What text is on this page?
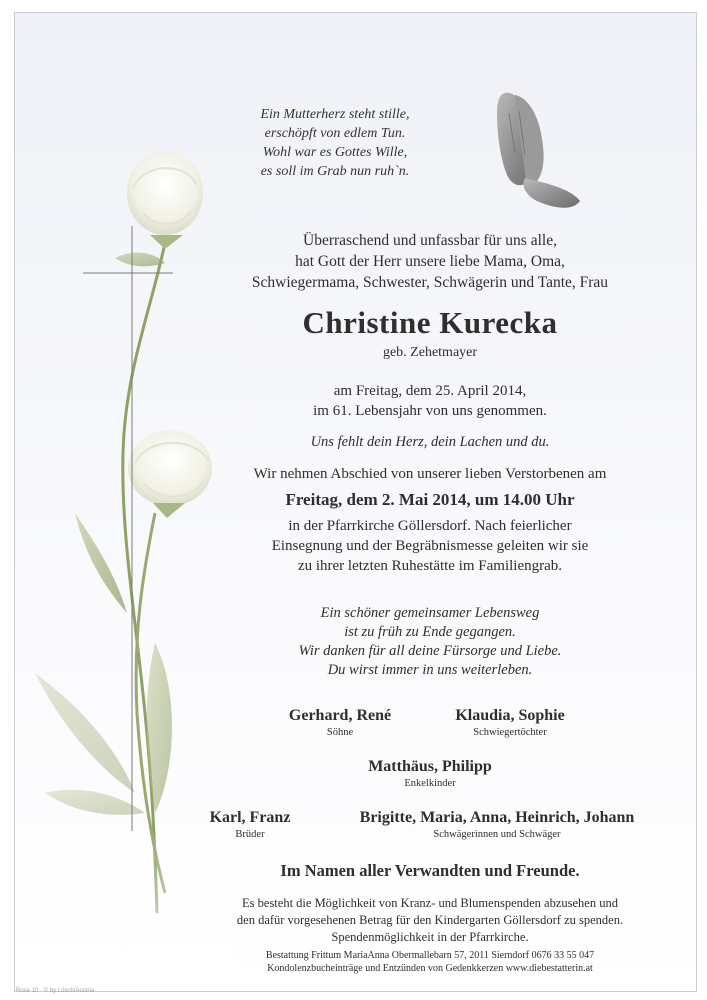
Ein Mutterherz steht stille,
erschöpft von edlem Tun.
Wohl war es Gottes Wille,
es soll im Grab nun ruh`n.
Überraschend und unfassbar für uns alle,
hat Gott der Herr unsere liebe Mama, Oma,
Schwiegermama, Schwester, Schwägerin und Tante, Frau
Christine Kurecka
geb. Zehetmayer
am Freitag, dem 25. April 2014,
im 61. Lebensjahr von uns genommen.
Uns fehlt dein Herz, dein Lachen und du.
Wir nehmen Abschied von unserer lieben Verstorbenen am
Freitag, dem 2. Mai 2014, um 14.00 Uhr
in der Pfarrkirche Göllersdorf. Nach feierlicher
Einsegnung und der Begräbnismesse geleiten wir sie
zu ihrer letzten Ruhestätte im Familiengrab.
Ein schöner gemeinsamer Lebensweg
ist zu früh zu Ende gegangen.
Wir danken für all deine Fürsorge und Liebe.
Du wirst immer in uns weiterleben.
Gerhard, René
Söhne
Klaudia, Sophie
Schwiegertöchter
Matthäus, Philipp
Enkelkinder
Karl, Franz
Brüder
Brigitte, Maria, Anna, Heinrich, Johann
Schwägerinnen und Schwäger
Im Namen aller Verwandten und Freunde.
Es besteht die Möglichkeit von Kranz- und Blumenspenden abzusehen und
den dafür vorgesehenen Betrag für den Kindergarten Göllersdorf zu spenden.
Spendenmöglichkeit in der Pfarrkirche.
Bestattung Frittum MariaAnna Obermallebarn 57, 2011 Sierndorf 0676 33 55 047
Kondolenzbucheinträge und Entzünden von Gedenkkerzen www.diebestatterin.at
Rose 10 · © by Lösch/Austria
